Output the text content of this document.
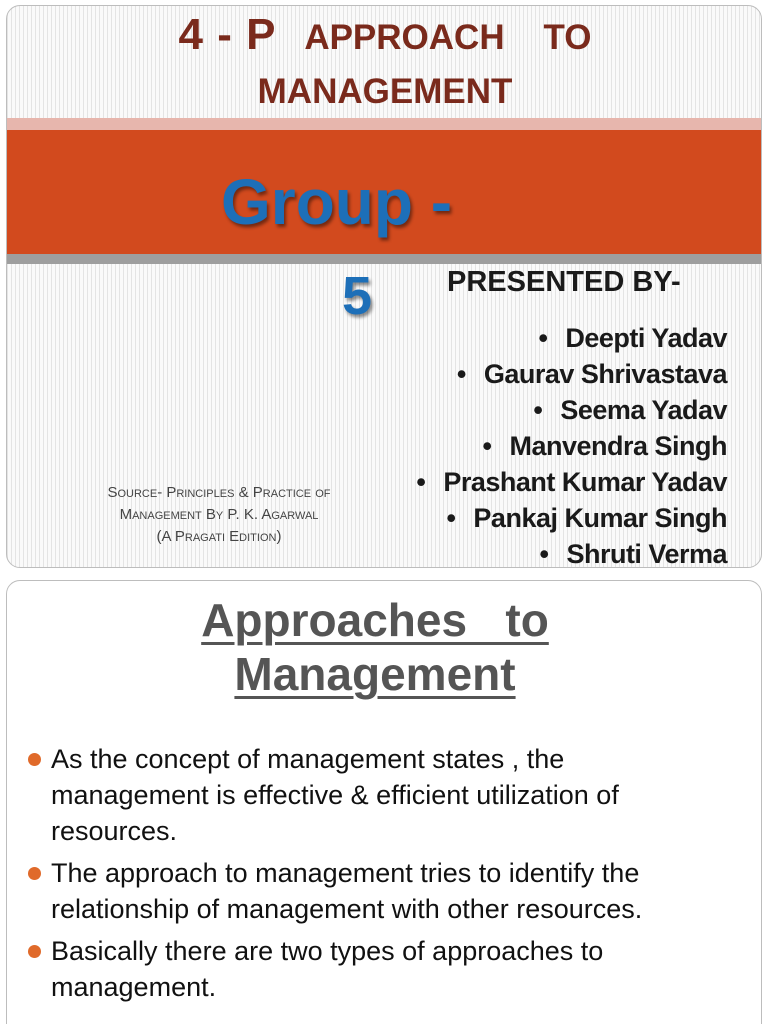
4 - P APPROACH    TO
MANAGEMENT
Group -
5	PRESENTED BY-
• Deepti Yadav
• Gaurav Shrivastava
• Seema Yadav
• Manvendra Singh
• Prashant Kumar Yadav
• Pankaj Kumar Singh
• Shruti Verma
Source- Principles & Practice of
Management By P. K. Agarwal
(A Pragati Edition)
Approaches   to
Management
As the concept of management states , the management is effective & efficient utilization of resources.
The approach to management tries to identify the relationship of management with other resources.
Basically there are two types of approaches to management.
